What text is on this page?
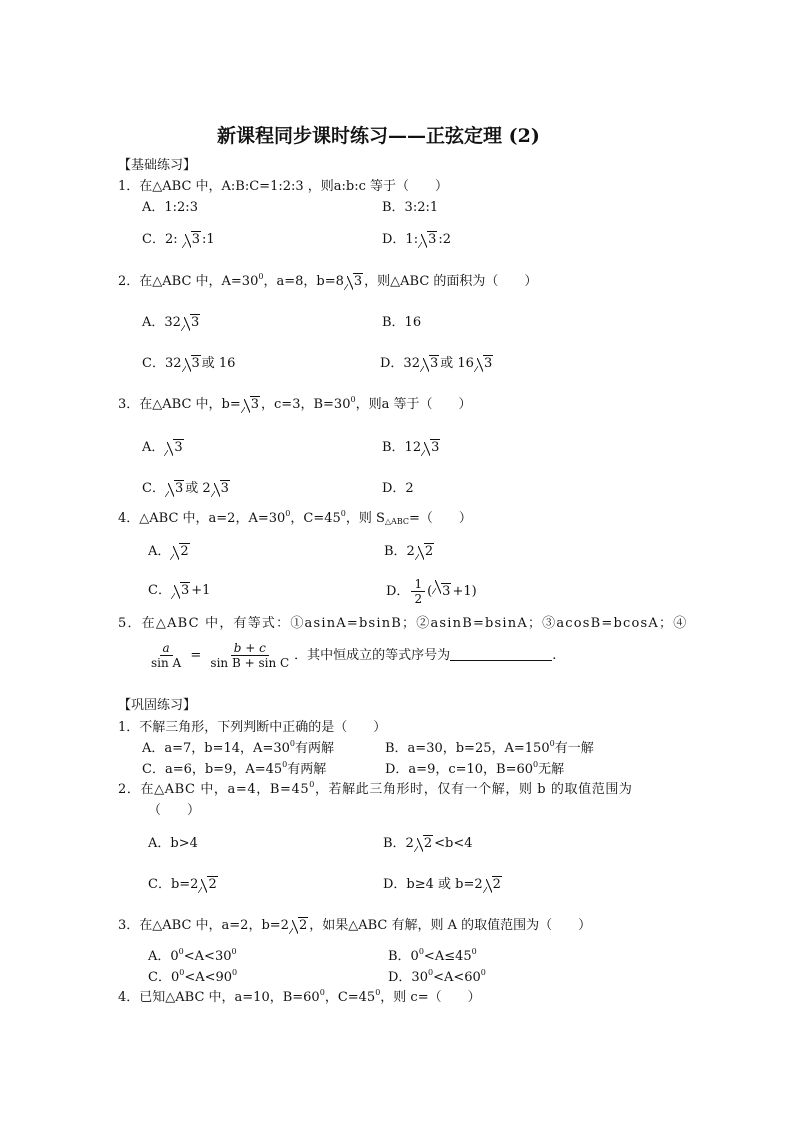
新课程同步课时练习——正弦定理 (2)
【基础练习】
1．在△ABC 中，A:B:C=1:2:3 ，则a:b:c 等于（　　）
A．1:2:3	B．3:2:1
C．2: 3 :1	D．1: 3 :2
2．在△ABC 中，$A=30^0$，a=8，b=8 3 ，则△ABC 的面积为（　　）
A．32 3	B．16
C．32 3 或 16	D．32 3 或 16 3
3．在△ABC 中，b= 3 ，c=3，$B=30^0$，则a 等于（　　）
A． 3	B．12 3
C． 3 或 2 3	D．2
4．△ABC 中，a=2，$A=30^0$，$C=45^0$，则 $S_{\triangle ABC}=$（　　）
A． 2	B．2 2
C． 3 +1	D． $\frac{1}{2}$ ( 3 +1)
5．在△ABC 中，有等式：①asinA=bsinB；②asinB=bsinA；③acosB=bcosA；④
$\frac{a}{\text{sin A}} = \frac{b + c}{\text{sin B + sin C}}$ ．其中恒成立的等式序号为	.
【巩固练习】
1．不解三角形，下列判断中正确的是（　　）
A．a=7，b=14，$A=30^0$有两解	B．a=30，b=25，$A=150^0$有一解
C．a=6，b=9，$A=45^0$有两解	D．a=9，c=10，$B=60^0$无解
2．在△ABC 中，a=4，$B=45^0$，若解此三角形时，仅有一个解，则 b 的取值范围为
（　　）
A．b>4	B．2 2 <b<4
C．b=2 2	D．b≥4 或 b=2 2
3．在△ABC 中，a=2，b=2 2 ，如果△ABC 有解，则 A 的取值范围为（　　）
A．$0^0<A<30^0$	B．$0^0<A\le 45^0$
C．$0^0<A<90^0$	D．$30^0<A<60^0$
4．已知△ABC 中，a=10，$B=60^0$，$C=45^0$，则 c=（　　）
